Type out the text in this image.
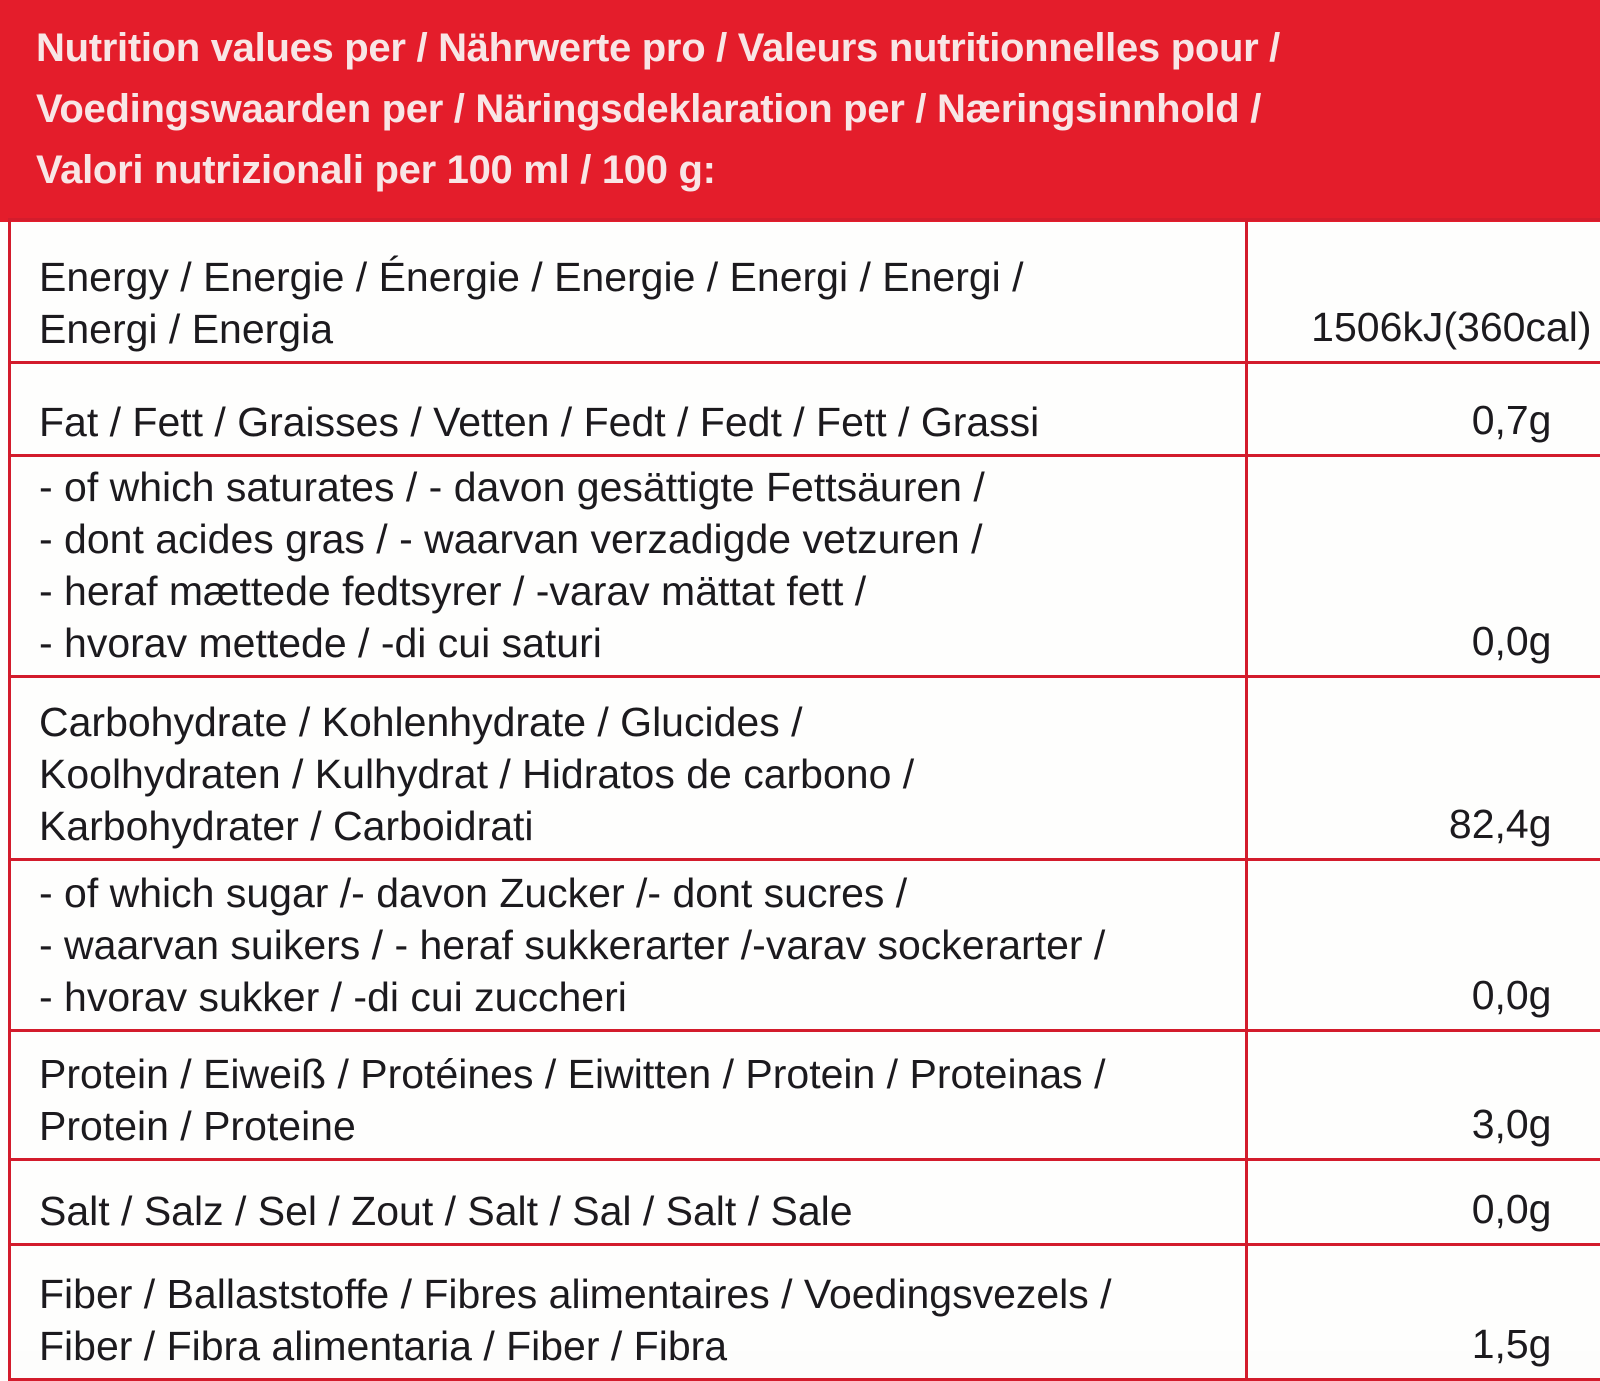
Nutrition values per / Nährwerte pro / Valeurs nutritionnelles pour /
Voedingswaarden per / Näringsdeklaration per / Næringsinnhold /
Valori nutrizionali per 100 ml / 100 g:
Energy / Energie / Énergie / Energie / Energi / Energi /
Energi / Energia	1506kJ(360cal)
Fat / Fett / Graisses / Vetten / Fedt / Fedt / Fett / Grassi	0,7g
- of which saturates / - davon gesättigte Fettsäuren /
- dont acides gras / - waarvan verzadigde vetzuren /
- heraf mættede fedtsyrer / -varav mättat fett /
- hvorav mettede / -di cui saturi	0,0g
Carbohydrate / Kohlenhydrate / Glucides /
Koolhydraten / Kulhydrat / Hidratos de carbono /
Karbohydrater / Carboidrati	82,4g
- of which sugar /- davon Zucker /- dont sucres /
- waarvan suikers / - heraf sukkerarter /-varav sockerarter /
- hvorav sukker / -di cui zuccheri	0,0g
Protein / Eiweiß / Protéines / Eiwitten / Protein / Proteinas /
Protein / Proteine	3,0g
Salt / Salz / Sel / Zout / Salt / Sal / Salt / Sale	0,0g
Fiber / Ballaststoffe / Fibres alimentaires / Voedingsvezels /
Fiber / Fibra alimentaria / Fiber / Fibra	1,5g
